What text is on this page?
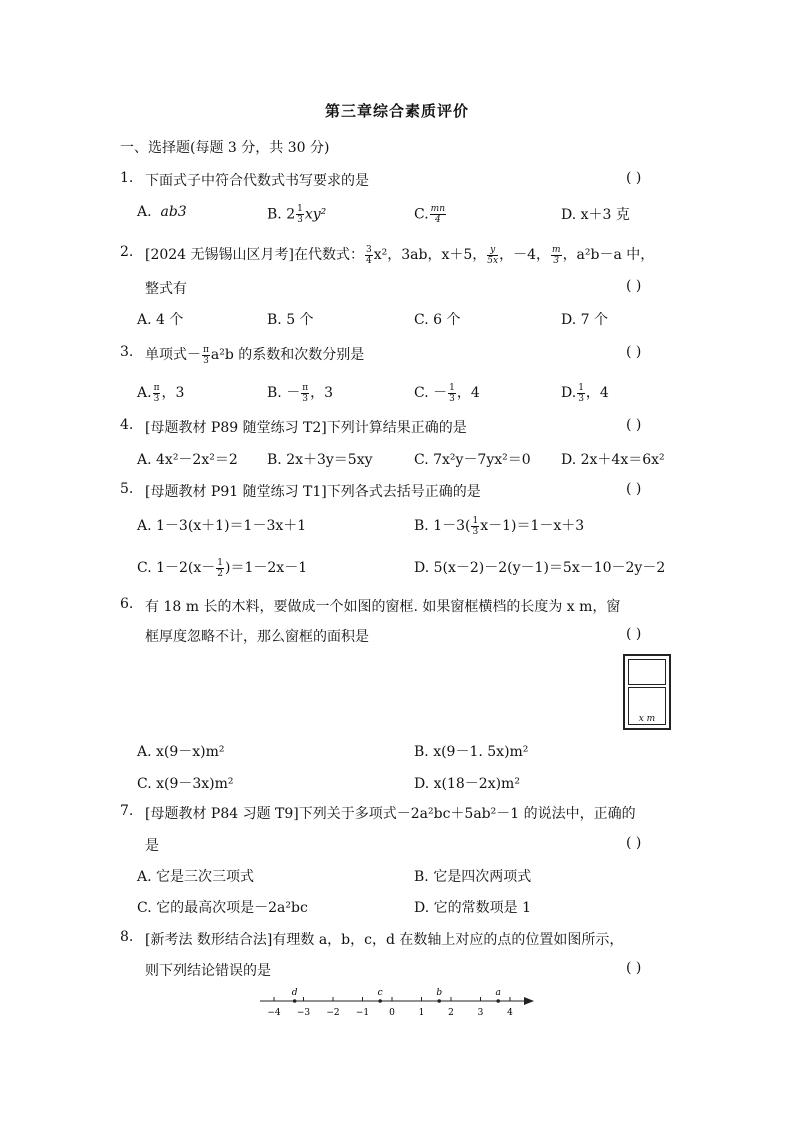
第三章综合素质评价
一、选择题(每题 3 分，共 30 分)
1. 下面式子中符合代数式书写要求的是	( )
A. ab3	B. $2 \frac{1}{3} xy^2$	C. $\frac{mn}{4}$	D. x＋3 克
2. [2024 无锡锡山区月考]在代数式： $\frac{3}{4} x^2$，3ab，x＋5， $\frac{y}{5x}$ ，－4， $\frac{m}{3}$ ，a²b－a 中，
整式有	( )
A. 4 个	B. 5 个	C. 6 个	D. 7 个
3. 单项式－ $\frac{\pi}{3} a^2b$ 的系数和次数分别是	( )
A. $\frac{\pi}{3}$ ，3	B. － $\frac{\pi}{3}$ ，3	C. － $\frac{1}{3}$ ，4	D. $\frac{1}{3}$ ，4
4. [母题教材 P89 随堂练习 T2]下列计算结果正确的是	( )
A. 4x²－2x²＝2 B. 2x＋3y＝5xy	C. 7x²y－7yx²＝0 D. 2x＋4x＝6x²
5. [母题教材 P91 随堂练习 T1]下列各式去括号正确的是	( )
A. 1－3(x＋1)＝1－3x＋1	B. $1-3( \frac{1}{3} x-1)=1-x+3$
C. $1-2(x- \frac{1}{2} )=1-2x-1$	D. 5(x－2)－2(y－1)＝5x－10－2y－2
6. 有 18 m 长的木料，要做成一个如图的窗框. 如果窗框横档的长度为 x m，窗
框厚度忽略不计，那么窗框的面积是	( )
x m
A. x(9－x)m²	B. x(9－1. 5x)m²
C. x(9－3x)m²	D. x(18－2x)m²
7. [母题教材 P84 习题 T9]下列关于多项式－2a²bc＋5ab²－1 的说法中，正确的
是	( )
A. 它是三次三项式	B. 它是四次两项式
C. 它的最高次项是－2a²bc	D. 它的常数项是 1
8. [新考法 数形结合法]有理数 a，b，c，d 在数轴上对应的点的位置如图所示，
则下列结论错误的是	( )
−4 −3 −2 −1 0	1	2	3	4
d	c	b	a
